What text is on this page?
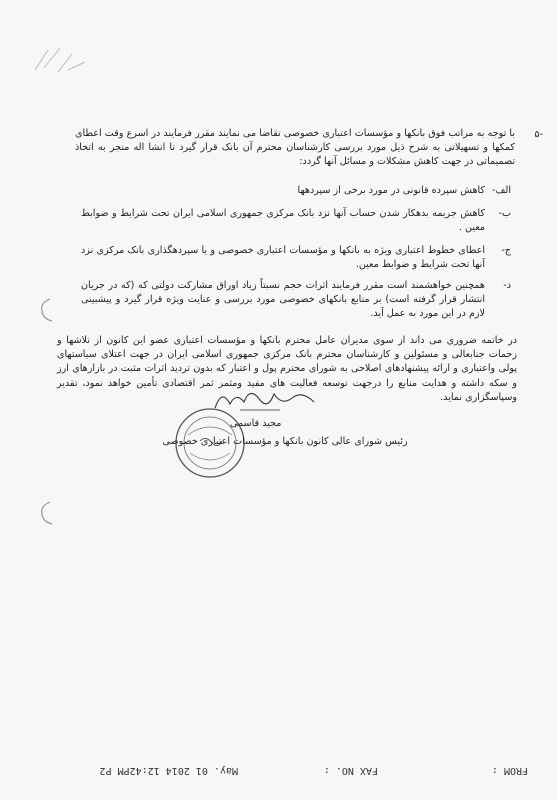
-۵
با توجه به مراتب فوق بانکها و مؤسسات اعتباری خصوصی تقاضا می نمایند مقرر فرمایند در اسرع وقت اعطای کمکها و تسهیلاتی به شرح ذیل مورد بررسی کارشناسان محترم آن بانک قرار گیرد تا انشا اله منجر به اتخاذ تصمیماتی در جهت کاهش مشکلات و مسائل آنها گردد:
الف-
کاهش سپرده قانونی در مورد برخی از سپردهها
ب-
کاهش جریمه بدهکار شدن حساب آنها نزد بانک مرکزی جمهوری اسلامی ایران تحت شرایط و ضوابط معین .
ج-
اعطای خطوط اعتباری ویژه به بانکها و مؤسسات اعتباری خصوصی و یا سپردهگذاری بانک مرکزی نزد آنها تحت شرایط و ضوابط معین.
د-
همچنین خواهشمند است مقرر فرمایند اثرات حجم نسبتاً زیاد اوراق مشارکت دولتی که (که در جریان انتشار قرار گرفته است) بر منابع بانکهای خصوصی مورد بررسی و عنایت ویژه قرار گیرد و پیشبینی لازم در این مورد به عمل آید.
در خاتمه ضروری می داند از سوی مدیران عامل محترم بانکها و مؤسسات اعتباری عضو این کانون از تلاشها و زحمات جنابعالی و مسئولین و کارشناسان محترم بانک مرکزی جمهوری اسلامی ایران در جهت اعتلای سیاستهای پولی واعتباری و ارائه پیشنهادهای اصلاحی به شورای محترم پول و اعتبار که بدون تردید اثرات مثبت در بازارهای ارز و سکه داشته و هدایت منابع را درجهت توسعه فعالیت های مفید ومثمر ثمر اقتصادی تأمین خواهد نمود، تقدیر وسپاسگزاری نماید.
مجید قاسمی
رئیس شورای عالی کانون بانکها و مؤسسات اعتباری خصوصی
FROM :
FAX NO. :
May. 01 2014 12:42PM P2
